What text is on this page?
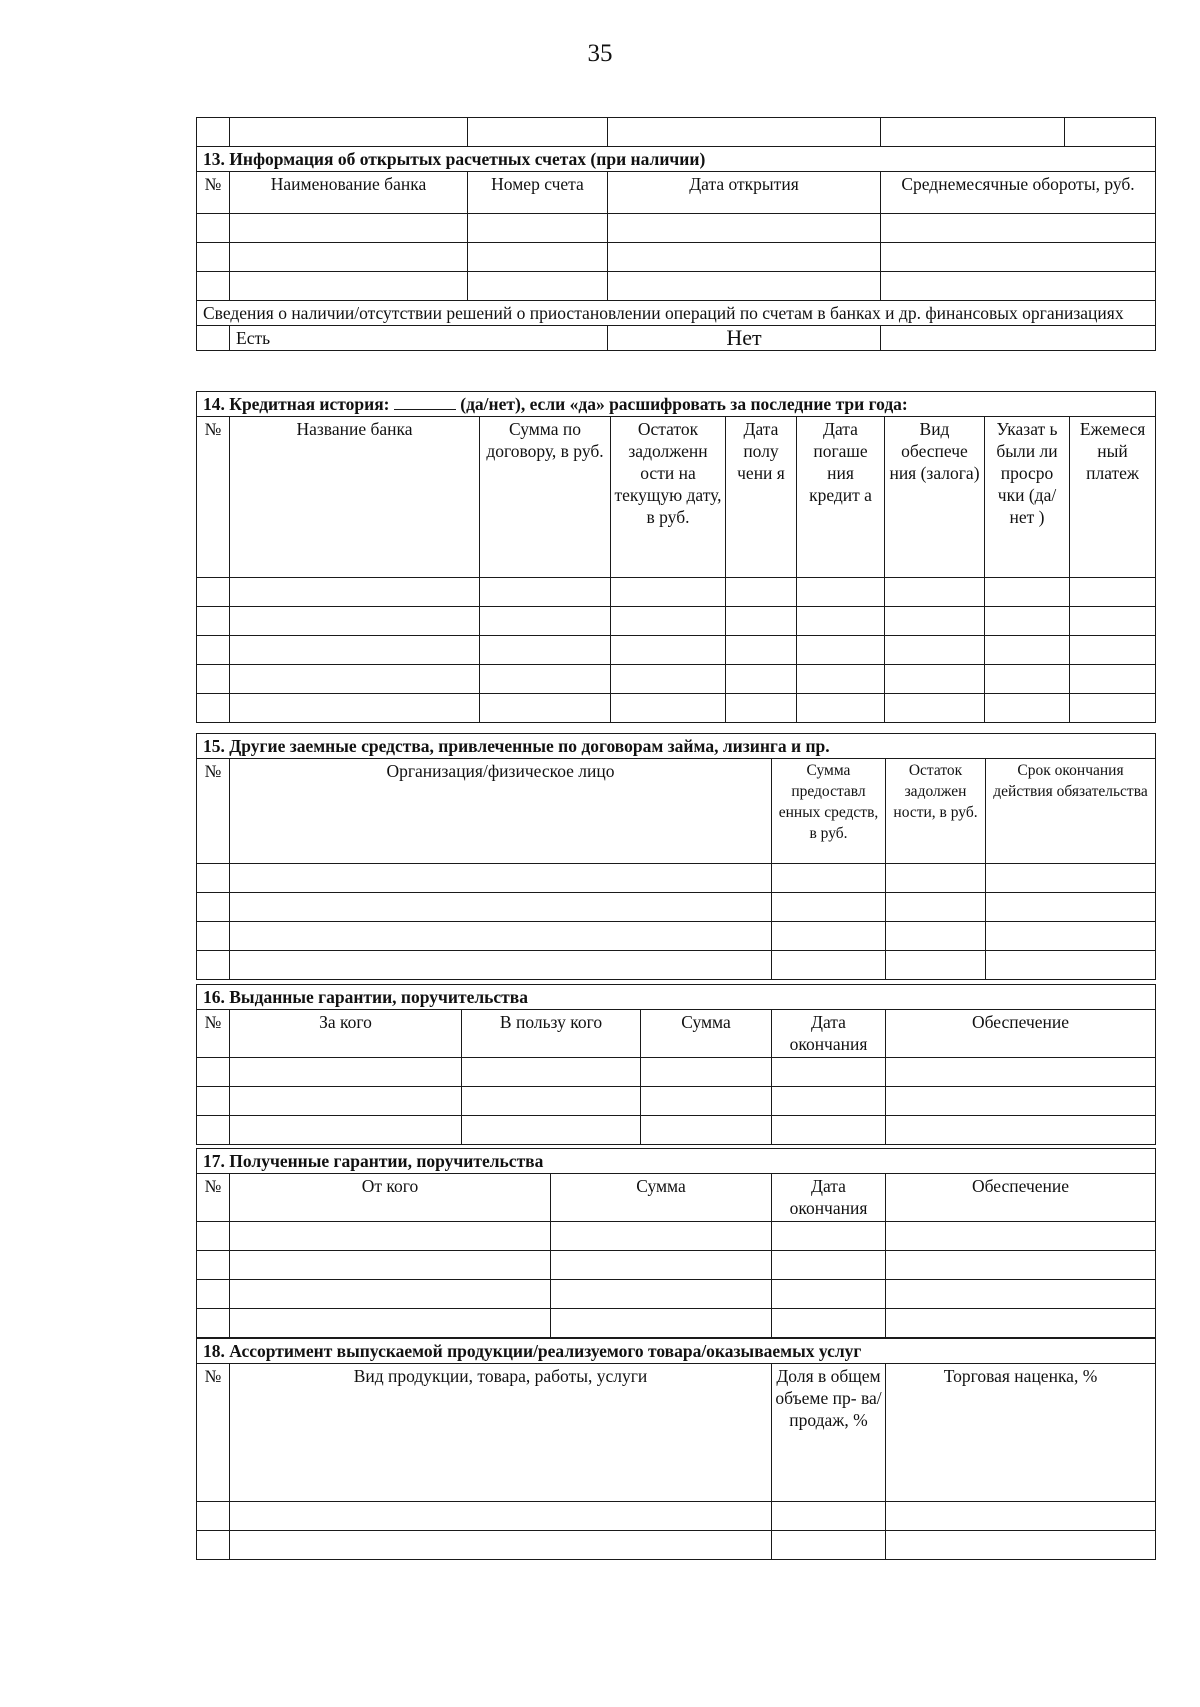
35

13. Информация об открытых расчетных счетах (при наличии)					
№	Наименование банка	Номер счета	Дата открытия	Среднемесячные обороты, руб.	

Сведения о наличии/отсутствии решений о приостановлении операций по счетам в банках и др. финансовых организациях					
	Есть		Нет		
14. Кредитная история: (да/нет), если «да» расшифровать за последние три года:								
№	Название банка	Сумма по договору, в руб.	Остаток задолженн ости на текущую дату, в руб.	Дата полу чени я	Дата погаше ния кредит а	Вид обеспече ния (залога)	Указат ь были ли просро чки (да/нет )	Ежемеся ный платеж

15. Другие заемные средства, привлеченные по договорам займа, лизинга и пр.				
№	Организация/физическое лицо	Сумма предоставл енных средств, в руб.	Остаток задолжен ности, в руб.	Срок окончания действия обязательства

16. Выданные гарантии, поручительства					
№	За кого	В пользу кого	Сумма	Дата окончания	Обеспечение

17. Полученные гарантии, поручительства				
№	От кого	Сумма	Дата окончания	Обеспечение

18. Ассортимент выпускаемой продукции/реализуемого товара/оказываемых услуг			
№	Вид продукции, товара, работы, услуги	Доля в общем объеме пр- ва/продаж, %	Торговая наценка, %
